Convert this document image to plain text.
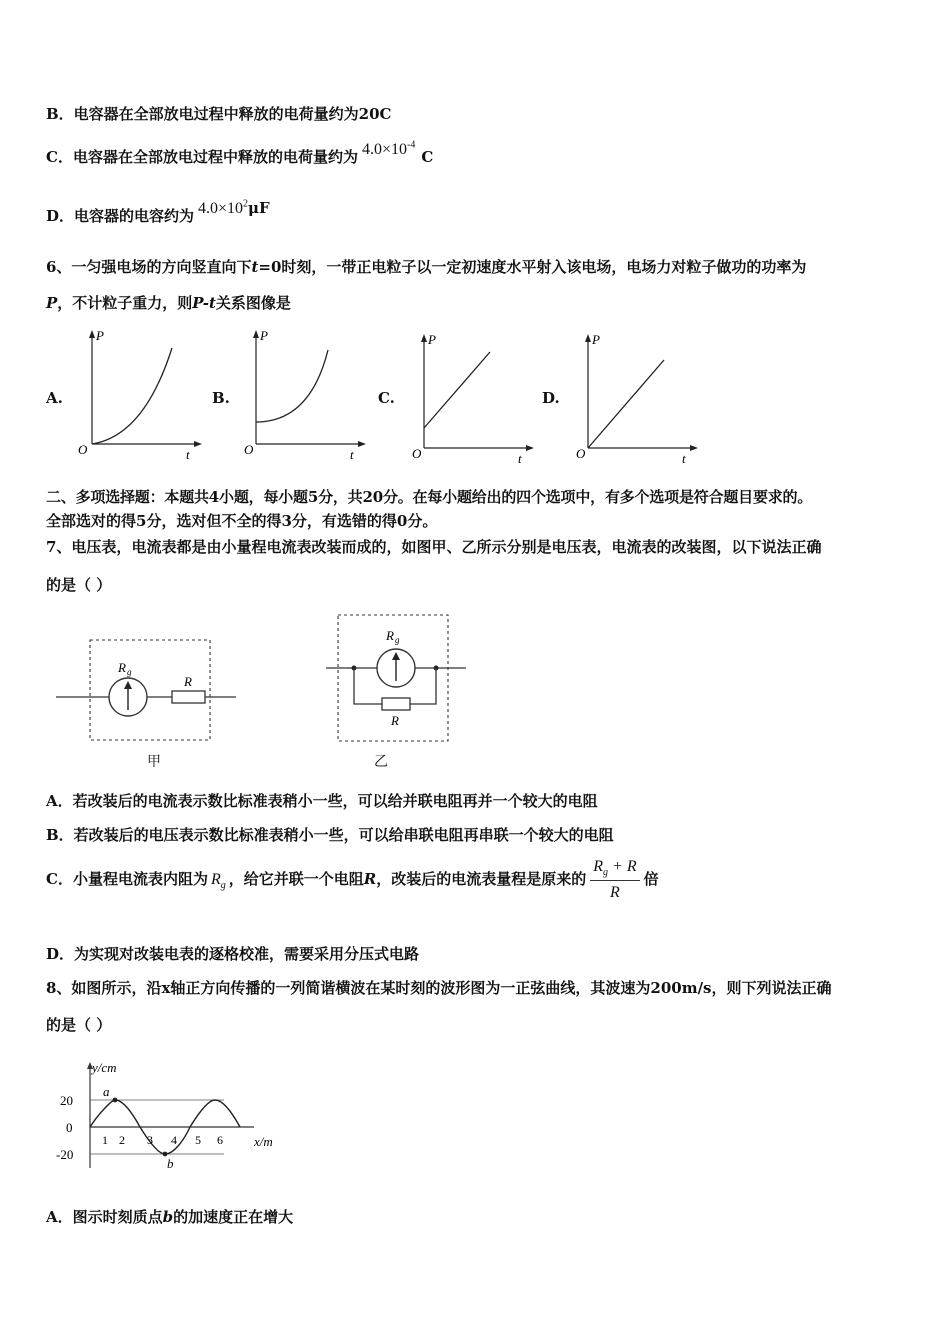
B．电容器在全部放电过程中释放的电荷量约为20C
C．电容器在全部放电过程中释放的电荷量约为 $4.0\times 10^{-4}C$
D．电容器的电容约为 $4.0\times 10^2\mu F$
6、一匀强电场的方向竖直向下t=0时刻，一带正电粒子以一定初速度水平射入该电场，电场力对粒子做功的功率为
P，不计粒子重力，则P-t关系图像是
A.	B.	C.	D.
P
O	t
P
O	t
P
O	t
P
O	t
二、多项选择题：本题共4小题，每小题5分，共20分。在每小题给出的四个选项中，有多个选项是符合题目要求的。
全部选对的得5分，选对但不全的得3分，有选错的得0分。
7、电压表，电流表都是由小量程电流表改装而成的，如图甲、乙所示分别是电压表，电流表的改装图，以下说法正确
的是（ ）
R g
R
甲
R g
R
乙
A．若改装后的电流表示数比标准表稍小一些，可以给并联电阻再并一个较大的电阻
B．若改装后的电压表示数比标准表稍小一些，可以给串联电阻再串联一个较大的电阻
C．小量程电流表内阻为 $R_g$ ，给它并联一个电阻R，改装后的电流表量程是原来的 $\frac{R_g + R}{R}$ 倍
D．为实现对改装电表的逐格校准，需要采用分压式电路
8、如图所示，沿x轴正方向传播的一列简谐横波在某时刻的波形图为一正弦曲线，其波速为200m/s，则下列说法正确
的是（ ）
y/cm
x/m
20
0
-20
1 2 3 4 5 6
a
b
A．图示时刻质点b的加速度正在增大
